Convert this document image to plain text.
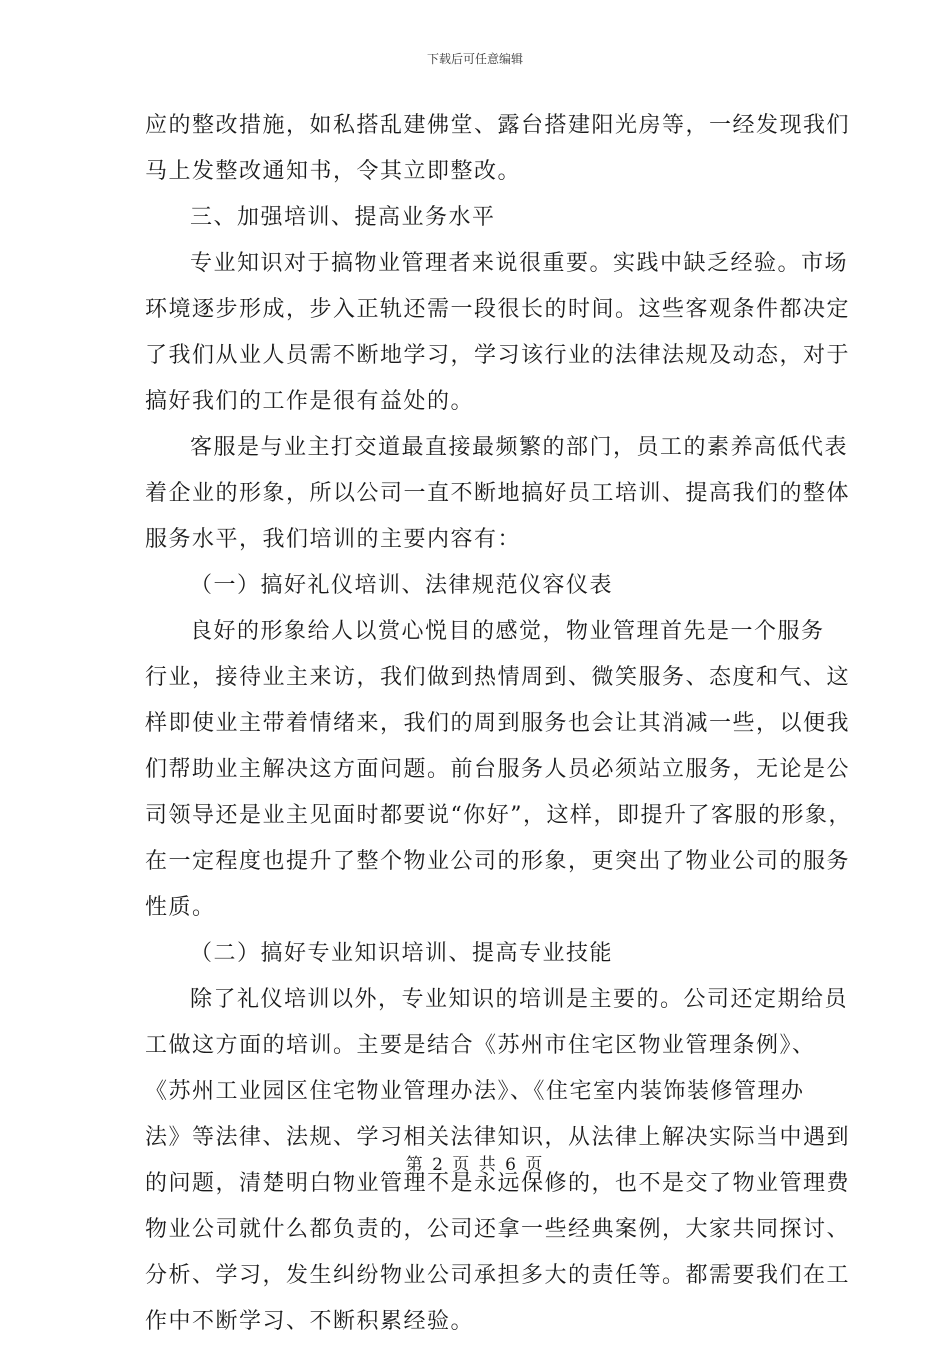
下载后可任意编辑
应的整改措施，如私搭乱建佛堂、露台搭建阳光房等，一经发现我们
马上发整改通知书，令其立即整改。
三、加强培训、提高业务水平
专业知识对于搞物业管理者来说很重要。实践中缺乏经验。市场
环境逐步形成，步入正轨还需一段很长的时间。这些客观条件都决定
了我们从业人员需不断地学习，学习该行业的法律法规及动态，对于
搞好我们的工作是很有益处的。
客服是与业主打交道最直接最频繁的部门，员工的素养高低代表
着企业的形象，所以公司一直不断地搞好员工培训、提高我们的整体
服务水平，我们培训的主要内容有：
（一）搞好礼仪培训、法律规范仪容仪表
良好的形象给人以赏心悦目的感觉，物业管理首先是一个服务
行业，接待业主来访，我们做到热情周到、微笑服务、态度和气、这
样即使业主带着情绪来，我们的周到服务也会让其消减一些，以便我
们帮助业主解决这方面问题。前台服务人员必须站立服务，无论是公
司领导还是业主见面时都要说“你好”，这样，即提升了客服的形象，
在一定程度也提升了整个物业公司的形象，更突出了物业公司的服务
性质。
（二）搞好专业知识培训、提高专业技能
除了礼仪培训以外，专业知识的培训是主要的。公司还定期给员
工做这方面的培训。主要是结合《苏州市住宅区物业管理条例》、
《苏州工业园区住宅物业管理办法》、《住宅室内装饰装修管理办
法》等法律、法规、学习相关法律知识，从法律上解决实际当中遇到
的问题，清楚明白物业管理不是永远保修的，也不是交了物业管理费
物业公司就什么都负责的，公司还拿一些经典案例，大家共同探讨、
分析、学习，发生纠纷物业公司承担多大的责任等。都需要我们在工
作中不断学习、不断积累经验。
第 2 页 共 6 页
